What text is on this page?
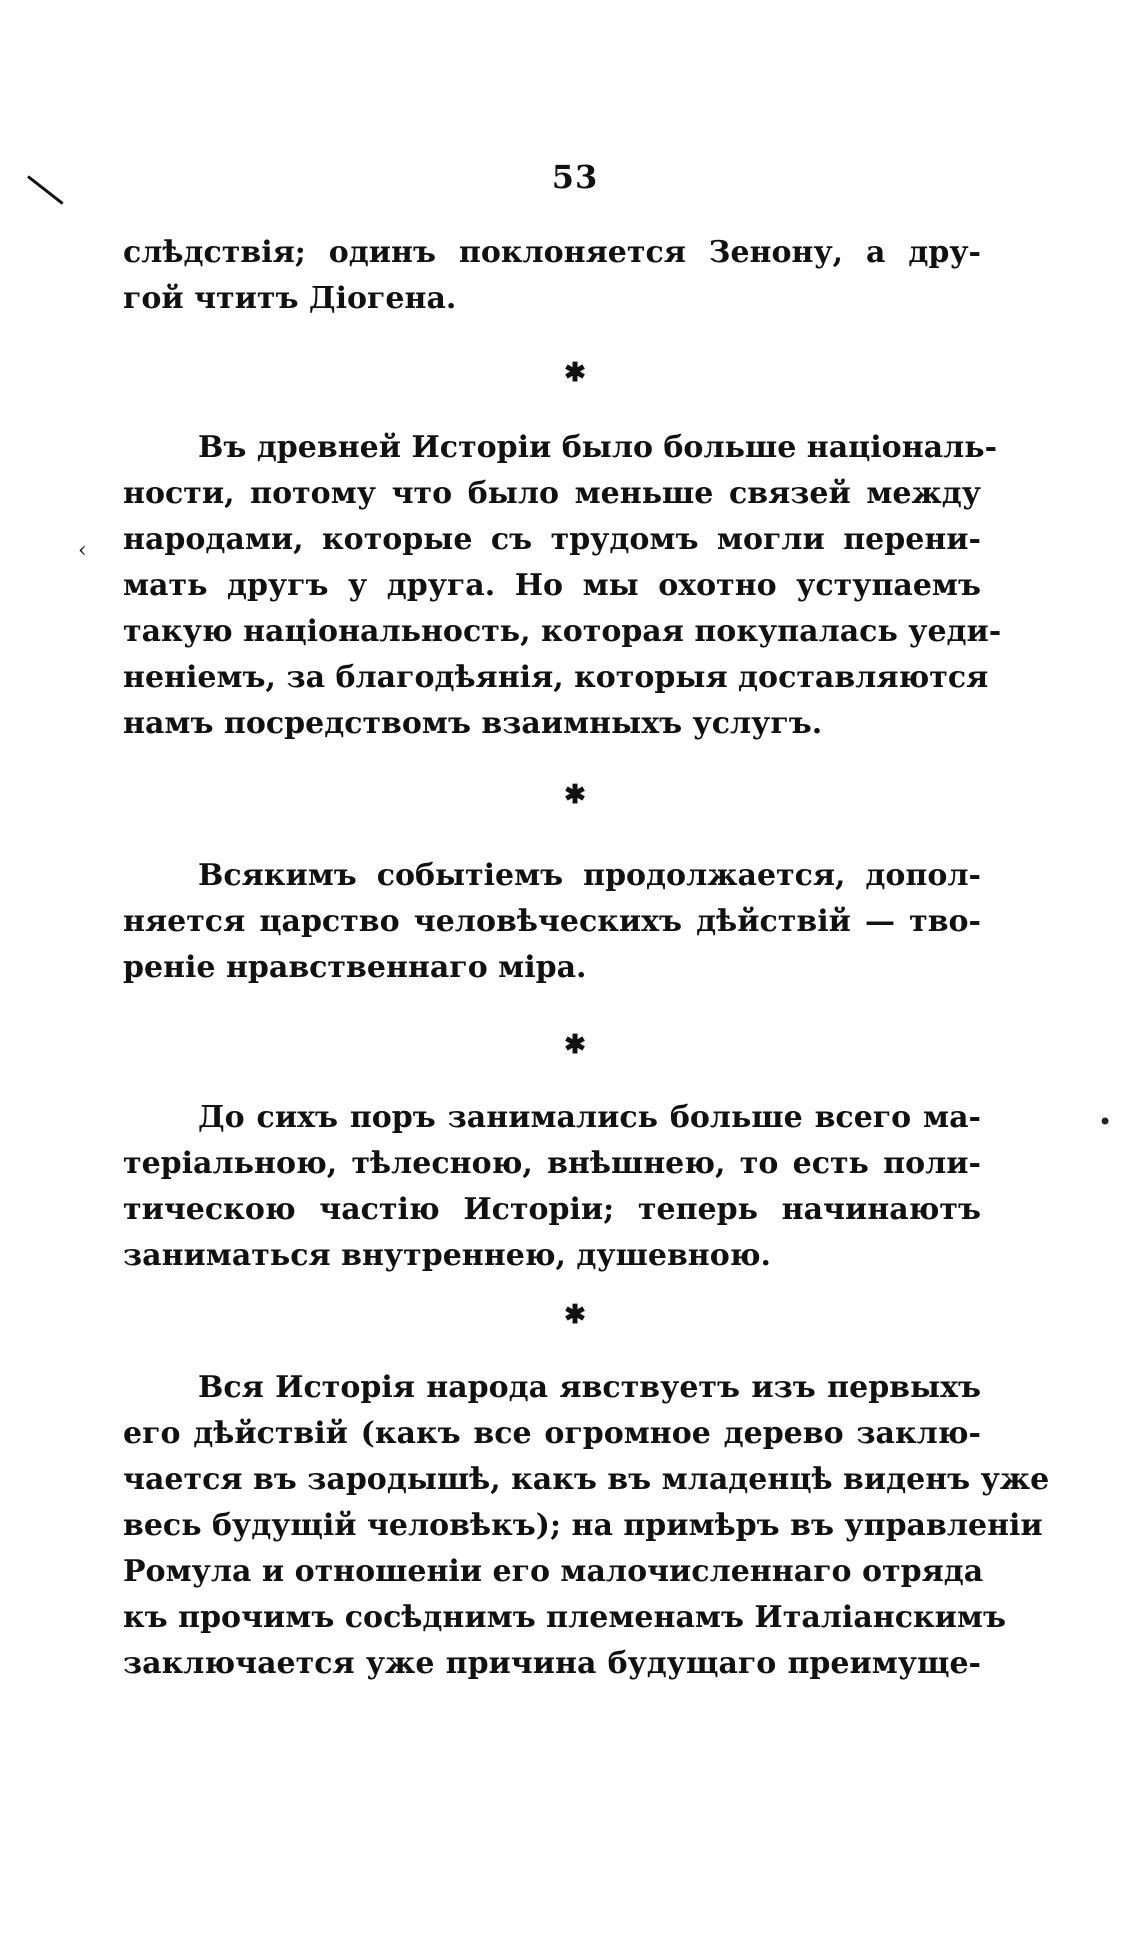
53
слѣдствія; одинъ поклоняется Зенону, а дру-
гой чтитъ Діогена.
✱
Въ древней Исторіи было больше національ-
ности, потому что было меньше связей между
народами, которые съ трудомъ могли перени-
мать другъ у друга. Но мы охотно уступаемъ
такую національность, которая покупалась уеди-
неніемъ, за благодѣянія, которыя доставляются
намъ посредствомъ взаимныхъ услугъ.
✱
Всякимъ событіемъ продолжается, допол-
няется царство человѣческихъ дѣйствій — тво-
реніе нравственнаго міра.
✱
До сихъ поръ занимались больше всего ма-
теріальною, тѣлесною, внѣшнею, то есть поли-
тическою частію Исторіи; теперь начинаютъ
заниматься внутреннею, душевною.
✱
Вся Исторія народа явствуетъ изъ первыхъ
его дѣйствій (какъ все огромное дерево заклю-
чается въ зародышѣ, какъ въ младенцѣ виденъ уже
весь будущій человѣкъ); на примѣръ въ управленіи
Ромула и отношеніи его малочисленнаго отряда
къ прочимъ сосѣднимъ племенамъ Италіанскимъ
заключается уже причина будущаго преимуще-
•
‹
